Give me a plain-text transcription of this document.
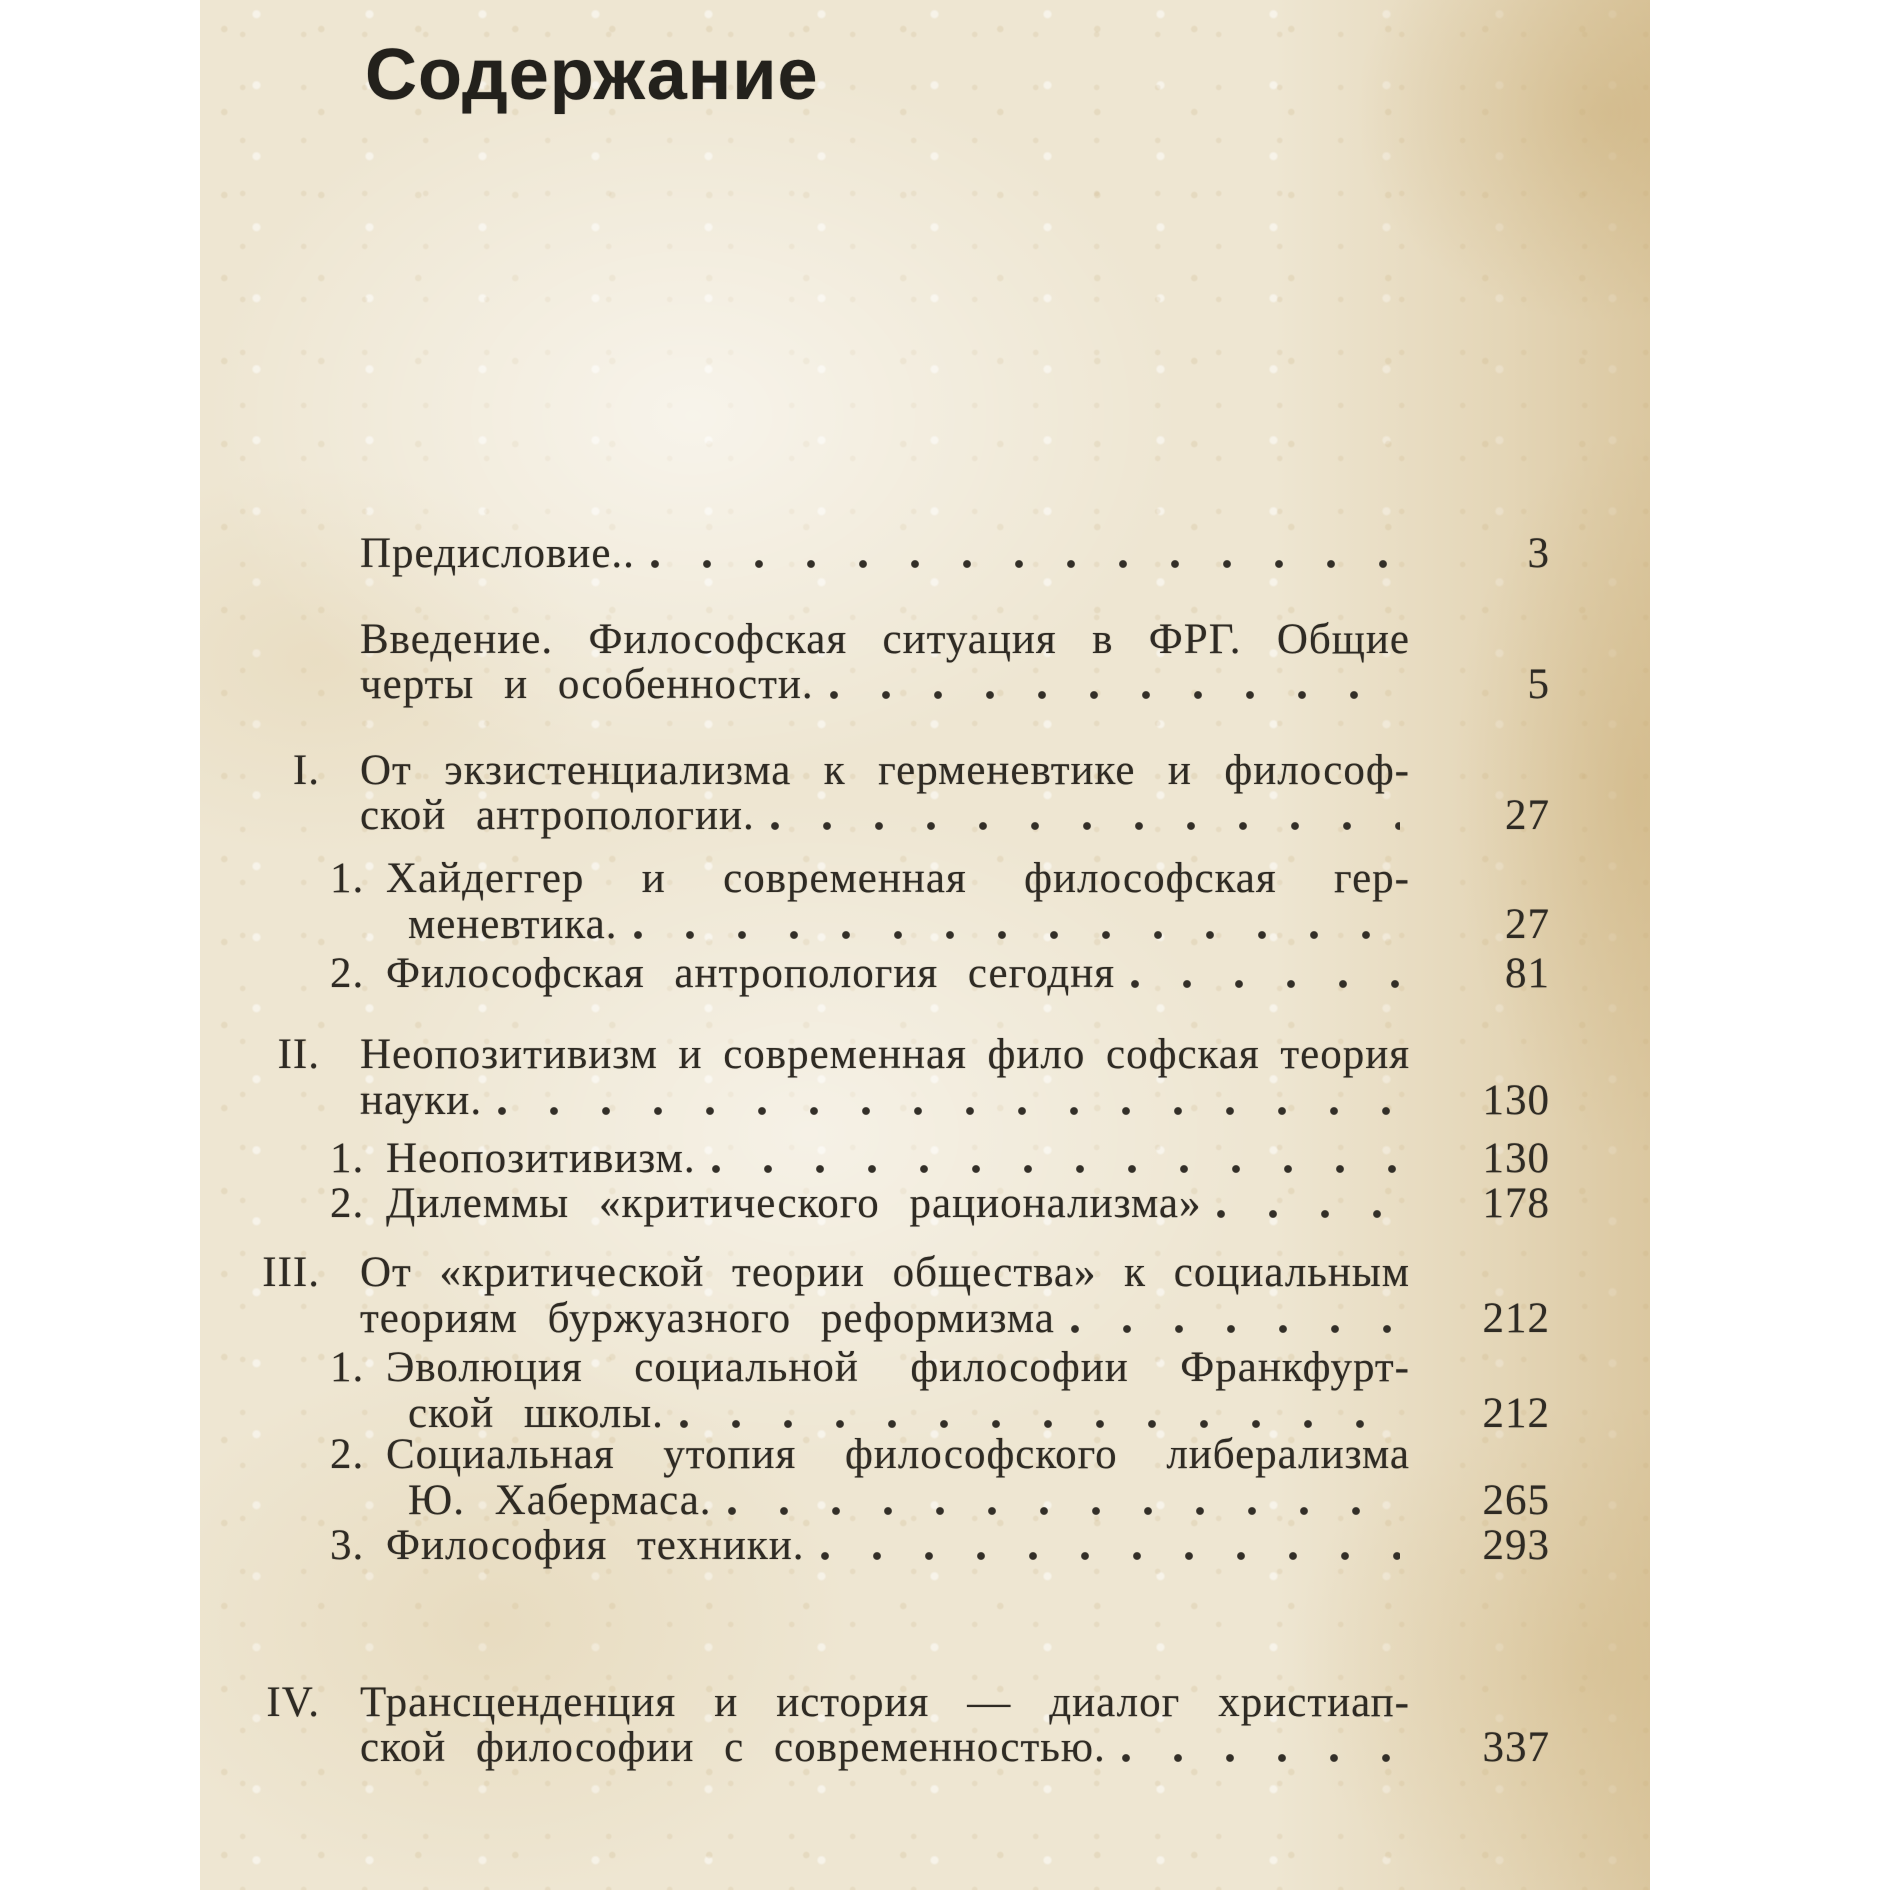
Содержание
Предисловие..	3
Введение. Философская ситуация в ФРГ. Общие
черты и особенности.	5
I. От экзистенциализма к герменевтике и философ-
ской антропологии.	27
1. Хайдеггер и современная философская гер-
меневтика.	27
2. Философская антропология сегодня	81
II. Неопозитивизм и современная фило софская теория
науки.	130
1. Неопозитивизм.	130
2. Дилеммы «критического рационализма»	178
III. От «критической теории общества» к социальным
теориям буржуазного реформизма	212
1. Эволюция социальной философии Франкфурт-
ской школы.	212
2. Социальная утопия философского либерализма
Ю. Хабермаса.	265
3. Философия техники.	293
IV. Трансценденция и история — диалог христиап-
ской философии с современностью.	337
